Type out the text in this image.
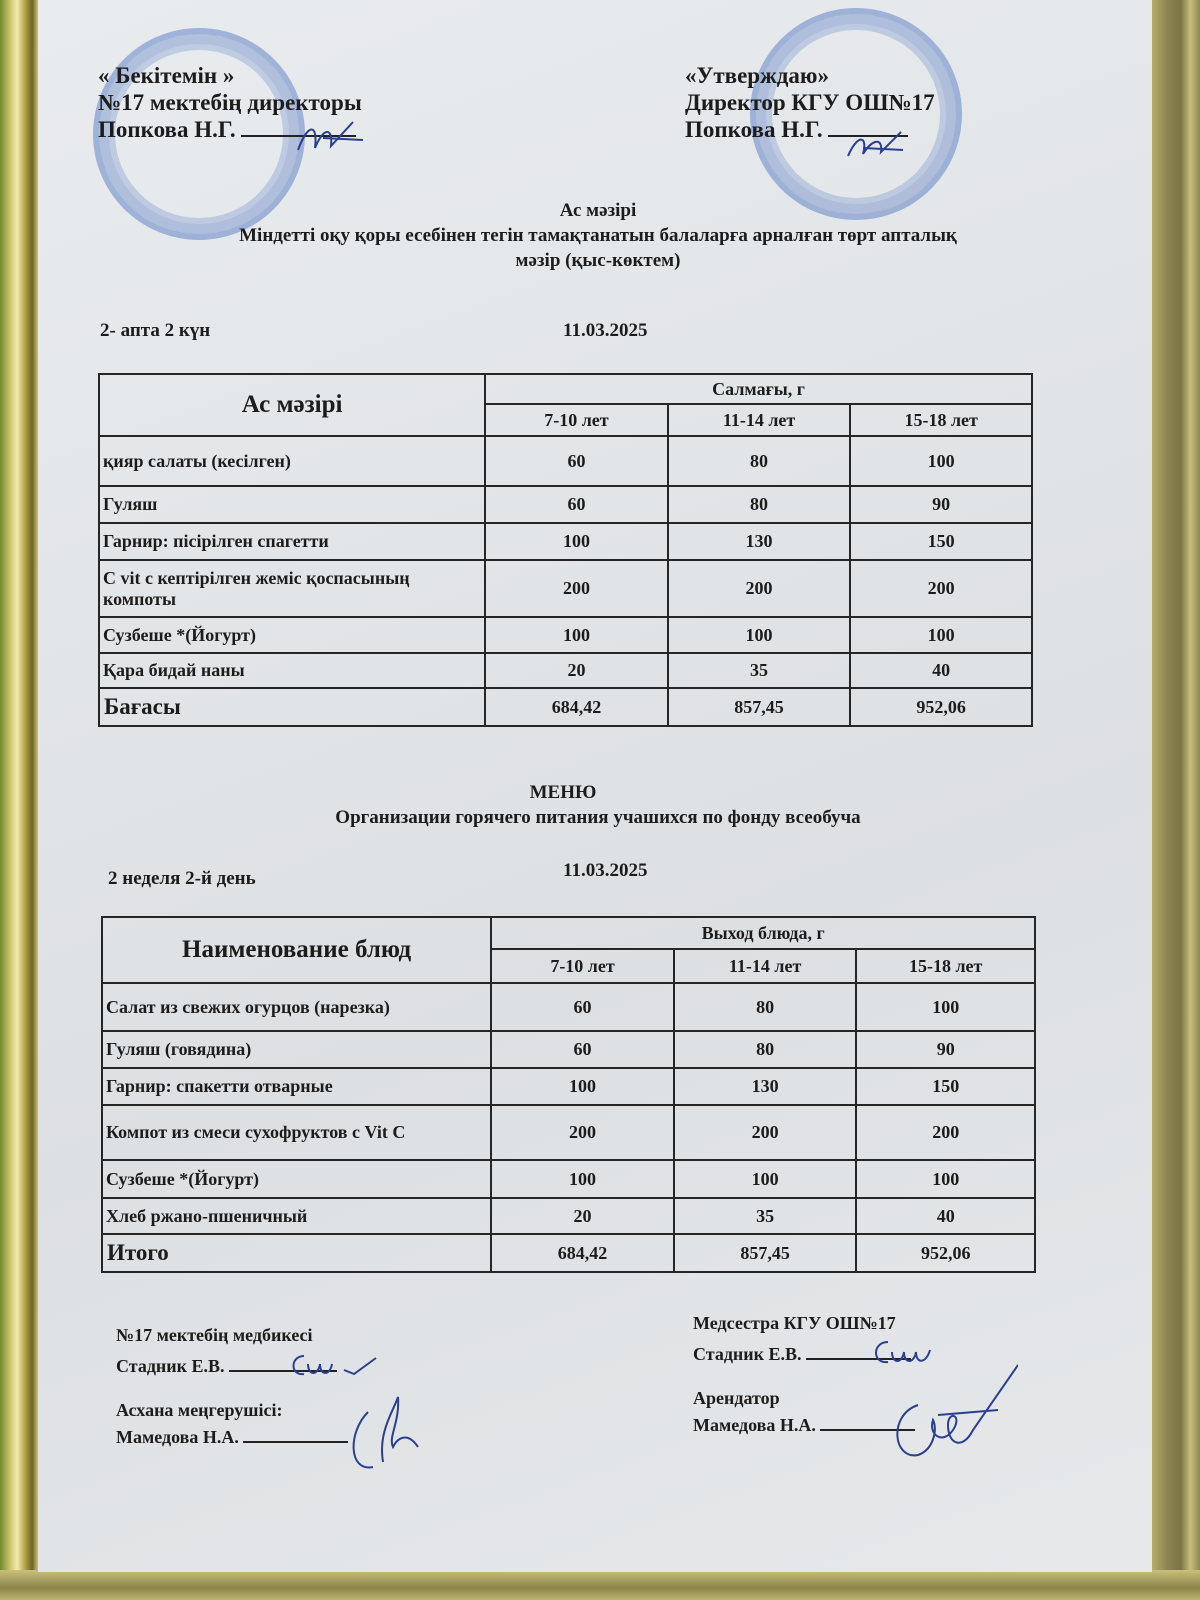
« Бекітемін »
№17 мектебің директоры
Попкова Н.Г.
«Утверждаю»
Директор КГУ ОШ№17
Попкова Н.Г.
Ас мәзірі
Міндетті оқу қоры есебінен тегін тамақтанатын балаларға арналған төрт апталық
мәзір (қыс-көктем)
2- апта 2 күн	11.03.2025
Ас мәзірі	Салмағы, г		
	7-10 лет	11-14 лет	15-18 лет
қияр салаты (кесілген)	60	80	100
Гуляш	60	80	90
Гарнир: пісірілген спагетти	100	130	150
С vit с кептірілген жеміс қоспасының компоты	200	200	200
Сузбеше *(Йогурт)	100	100	100
Қара бидай наны	20	35	40
Бағасы	684,42	857,45	952,06
МЕНЮ
Организации горячего питания учашихся по фонду всеобуча
2 неделя 2-й день	11.03.2025
Наименование блюд	Выход блюда, г		
	7-10 лет	11-14 лет	15-18 лет
Салат из свежих огурцов (нарезка)	60	80	100
Гуляш (говядина)	60	80	90
Гарнир: спакетти отварные	100	130	150
Компот из смеси сухофруктов с Vit C	200	200	200
Сузбеше *(Йогурт)	100	100	100
Хлеб ржано-пшеничный	20	35	40
Итого	684,42	857,45	952,06
№17 мектебің медбикесі
Стадник Е.В.
Асхана меңгерушісі:
Мамедова Н.А.
Медсестра КГУ ОШ№17
Стадник Е.В.
Арендатор
Мамедова Н.А.
